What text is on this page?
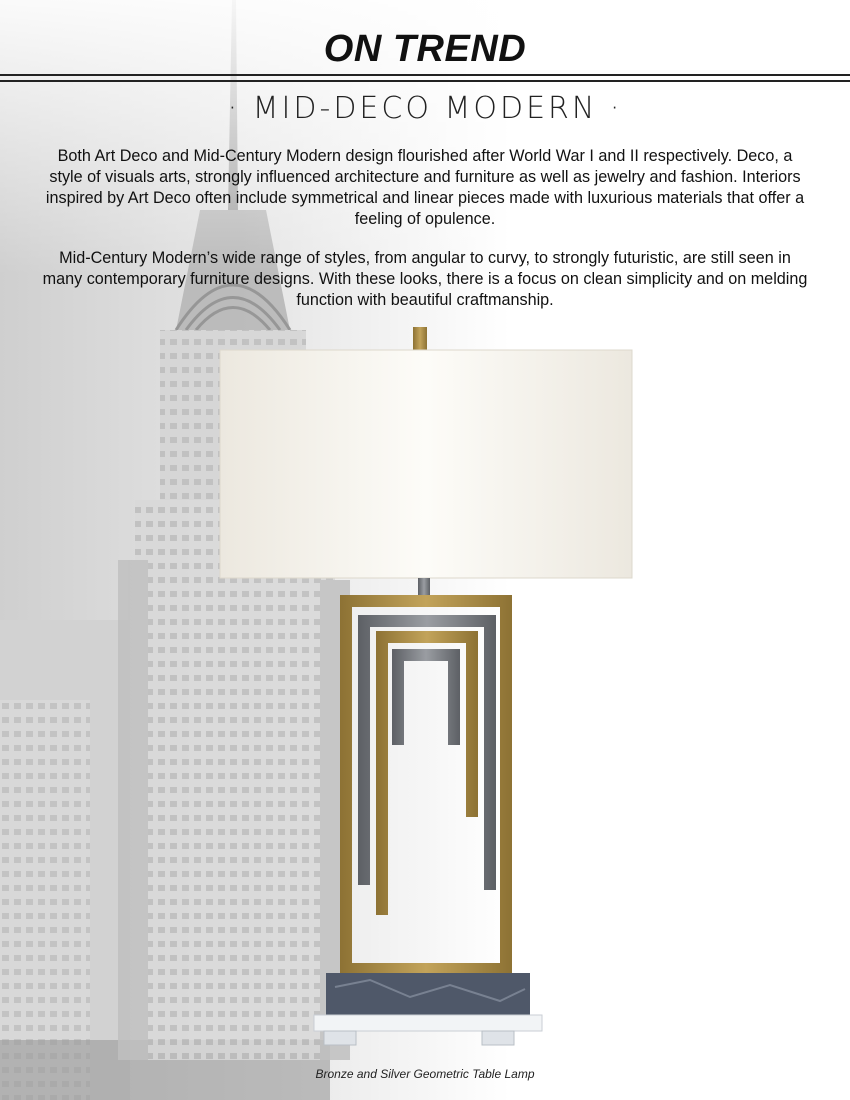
ON TREND
· MID-DECO MODERN ·
Both Art Deco and Mid-Century Modern design flourished after World War I and II respectively. Deco, a style of visuals arts, strongly influenced architecture and furniture as well as jewelry and fashion. Interiors inspired by Art Deco often include symmetrical and linear pieces made with luxurious materials that offer a feeling of opulence.
Mid-Century Modern’s wide range of styles, from angular to curvy, to strongly futuristic, are still seen in many contemporary furniture designs. With these looks, there is a focus on clean simplicity and on melding function with beautiful craftmanship.
Bronze and Silver Geometric Table Lamp
